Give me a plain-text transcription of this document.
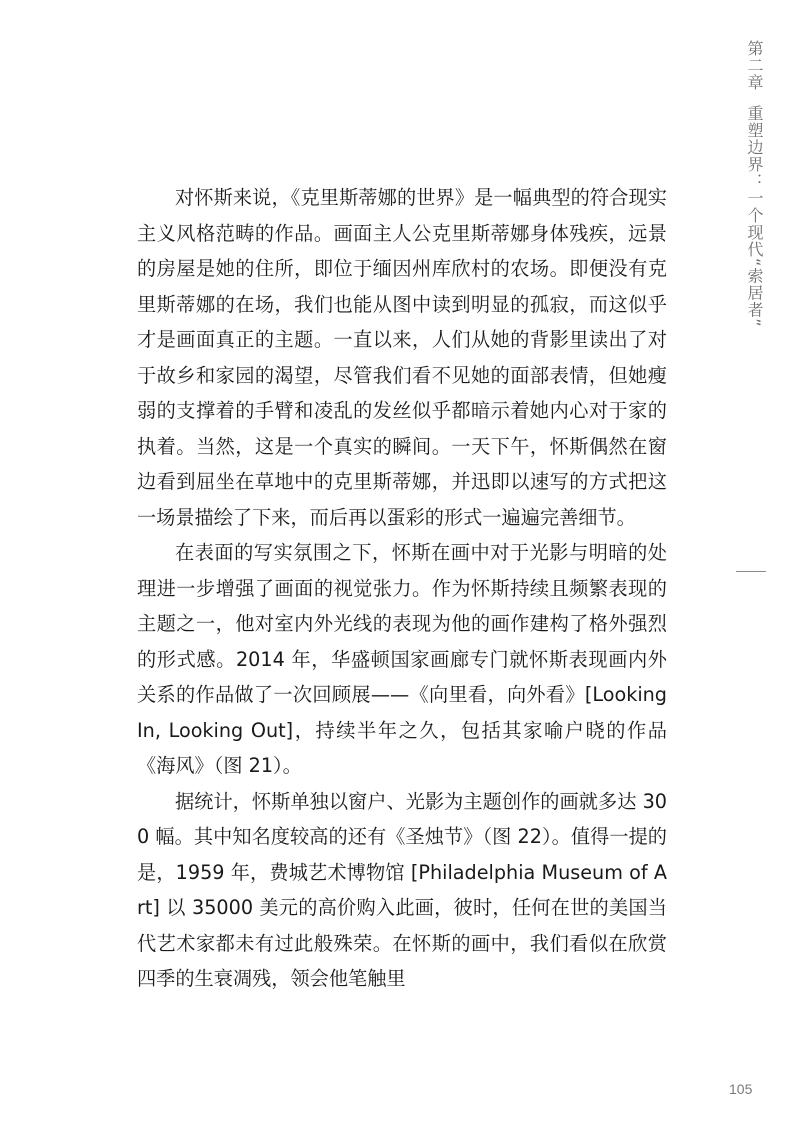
第二章重塑边界：一个现代“索居者”

对怀斯来说，《克里斯蒂娜的世界》是一幅典型的符合现实主义风格范畴的作品。画面主人公克里斯蒂娜身体残疾，远景的房屋是她的住所，即位于缅因州库欣村的农场。即便没有克里斯蒂娜的在场，我们也能从图中读到明显的孤寂，而这似乎才是画面真正的主题。一直以来，人们从她的背影里读出了对于故乡和家园的渴望，尽管我们看不见她的面部表情，但她瘦弱的支撑着的手臂和凌乱的发丝似乎都暗示着她内心对于家的执着。当然，这是一个真实的瞬间。一天下午，怀斯偶然在窗边看到屈坐在草地中的克里斯蒂娜，并迅即以速写的方式把这一场景描绘了下来，而后再以蛋彩的形式一遍遍完善细节。

在表面的写实氛围之下，怀斯在画中对于光影与明暗的处理进一步增强了画面的视觉张力。作为怀斯持续且频繁表现的主题之一，他对室内外光线的表现为他的画作建构了格外强烈的形式感。2014 年，华盛顿国家画廊专门就怀斯表现画内外关系的作品做了一次回顾展——《向里看，向外看》[Looking In, Looking Out]，持续半年之久，包括其家喻户晓的作品《海风》（图 21）。

据统计，怀斯单独以窗户、光影为主题创作的画就多达 300 幅。其中知名度较高的还有《圣烛节》（图 22）。值得一提的是，1959 年，费城艺术博物馆 [Philadelphia Museum of Art] 以 35000 美元的高价购入此画，彼时，任何在世的美国当代艺术家都未有过此般殊荣。在怀斯的画中，我们看似在欣赏四季的生衰凋残，领会他笔触里

105
